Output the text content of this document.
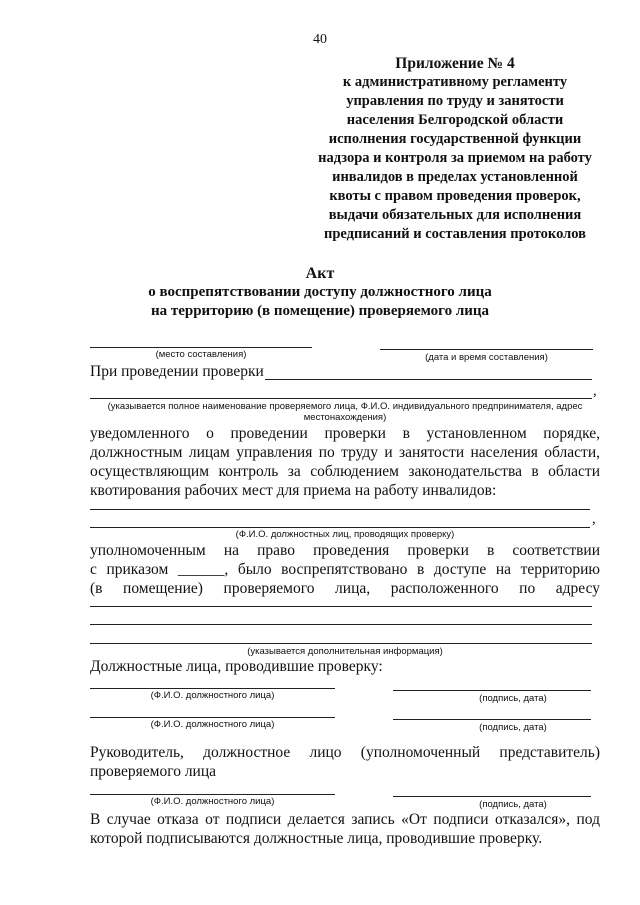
40
Приложение № 4
к административному регламенту
управления по труду и занятости
населения Белгородской области
исполнения государственной функции
надзора и контроля за приемом на работу
инвалидов в пределах установленной
квоты с правом проведения проверок,
выдачи обязательных для исполнения
предписаний и составления протоколов
Акт
о воспрепятствовании доступу должностного лица
на территорию (в помещение) проверяемого лица
(место составления)	(дата и время составления)
При проведении проверки
,
(указывается полное наименование проверяемого лица, Ф.И.О. индивидуального предпринимателя, адрес
местонахождения)
уведомленного о проведении проверки в установленном порядке,
должностным лицам управления по труду и занятости населения области,
осуществляющим контроль за соблюдением законодательства в области
квотирования рабочих мест для приема на работу инвалидов:
,
(Ф.И.О. должностных лиц, проводящих проверку)
уполномоченным на право проведения проверки в соответствии
с приказом ______, было воспрепятствовано в доступе на территорию
(в помещение) проверяемого лица, расположенного по адресу
(указывается дополнительная информация)
Должностные лица, проводившие проверку:
(Ф.И.О. должностного лица)	(подпись, дата)
(Ф.И.О. должностного лица)	(подпись, дата)
Руководитель, должностное лицо (уполномоченный представитель)
проверяемого лица
(Ф.И.О. должностного лица)	(подпись, дата)
В случае отказа от подписи делается запись «От подписи отказался», под
которой подписываются должностные лица, проводившие проверку.
